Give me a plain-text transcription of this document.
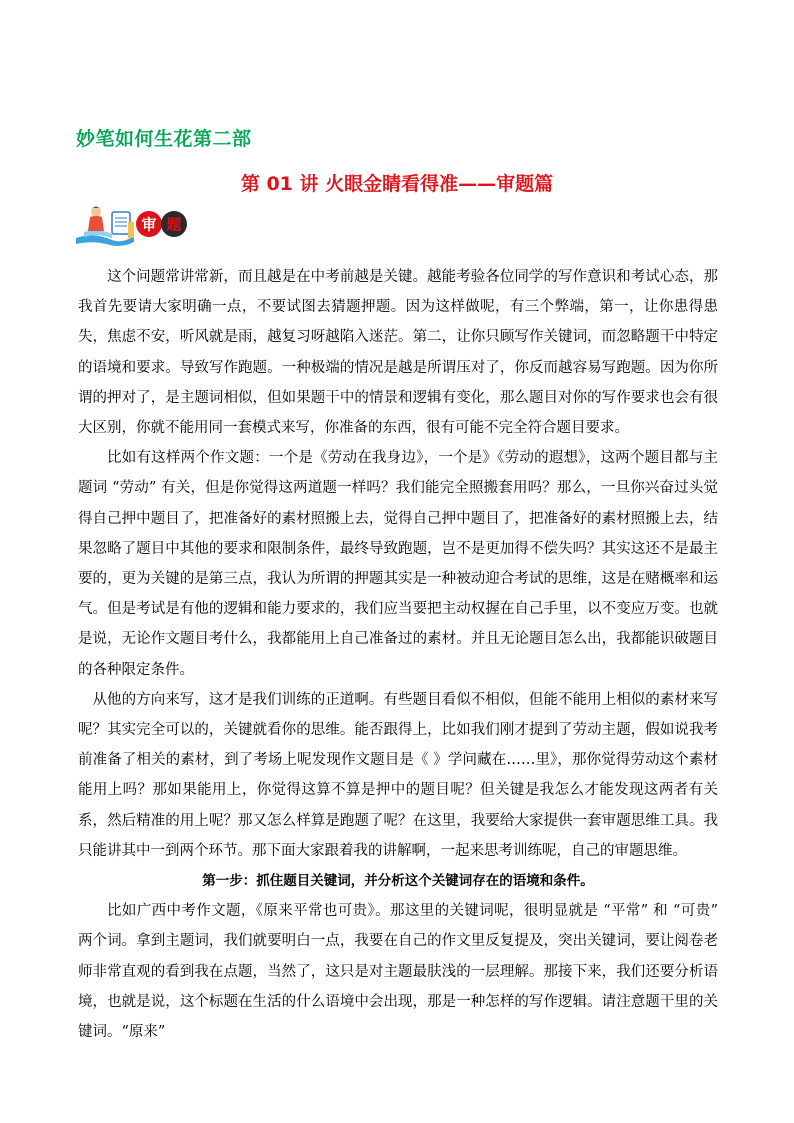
妙笔如何生花第二部
第 01 讲 火眼金睛看得准——审题篇
审 题

这个问题常讲常新，而且越是在中考前越是关键。越能考验各位同学的写作意识和考试心态，那我首先要请大家明确一点，不要试图去猜题押题。因为这样做呢，有三个弊端，第一，让你患得患失，焦虑不安，听风就是雨，越复习呀越陷入迷茫。第二，让你只顾写作关键词，而忽略题干中特定的语境和要求。导致写作跑题。一种极端的情况是越是所谓压对了，你反而越容易写跑题。因为你所谓的押对了，是主题词相似，但如果题干中的情景和逻辑有变化，那么题目对你的写作要求也会有很大区别，你就不能用同一套模式来写，你准备的东西，很有可能不完全符合题目要求。

比如有这样两个作文题：一个是《劳动在我身边》，一个是》《劳动的遐想》，这两个题目都与主题词 “劳动” 有关，但是你觉得这两道题一样吗？我们能完全照搬套用吗？那么，一旦你兴奋过头觉得自己押中题目了，把准备好的素材照搬上去，觉得自己押中题目了，把准备好的素材照搬上去，结果忽略了题目中其他的要求和限制条件，最终导致跑题，岂不是更加得不偿失吗？其实这还不是最主要的，更为关键的是第三点，我认为所谓的押题其实是一种被动迎合考试的思维，这是在赌概率和运气。但是考试是有他的逻辑和能力要求的，我们应当要把主动权握在自己手里，以不变应万变。也就是说，无论作文题目考什么，我都能用上自己准备过的素材。并且无论题目怎么出，我都能识破题目的各种限定条件。

从他的方向来写，这才是我们训练的正道啊。有些题目看似不相似，但能不能用上相似的素材来写呢？其实完全可以的，关键就看你的思维。能否跟得上，比如我们刚才提到了劳动主题，假如说我考前准备了相关的素材，到了考场上呢发现作文题目是《 》学问藏在……里》，那你觉得劳动这个素材能用上吗？那如果能用上，你觉得这算不算是押中的题目呢？但关键是我怎么才能发现这两者有关系，然后精准的用上呢？那又怎么样算是跑题了呢？在这里，我要给大家提供一套审题思维工具。我只能讲其中一到两个环节。那下面大家跟着我的讲解啊，一起来思考训练呢，自己的审题思维。

第一步：抓住题目关键词，并分析这个关键词存在的语境和条件。

比如广西中考作文题，《原来平常也可贵》。那这里的关键词呢，很明显就是 “平常” 和 “可贵” 两个词。拿到主题词，我们就要明白一点，我要在自己的作文里反复提及，突出关键词，要让阅卷老师非常直观的看到我在点题，当然了，这只是对主题最肤浅的一层理解。那接下来，我们还要分析语境，也就是说，这个标题在生活的什么语境中会出现，那是一种怎样的写作逻辑。请注意题干里的关键词。“原来”
